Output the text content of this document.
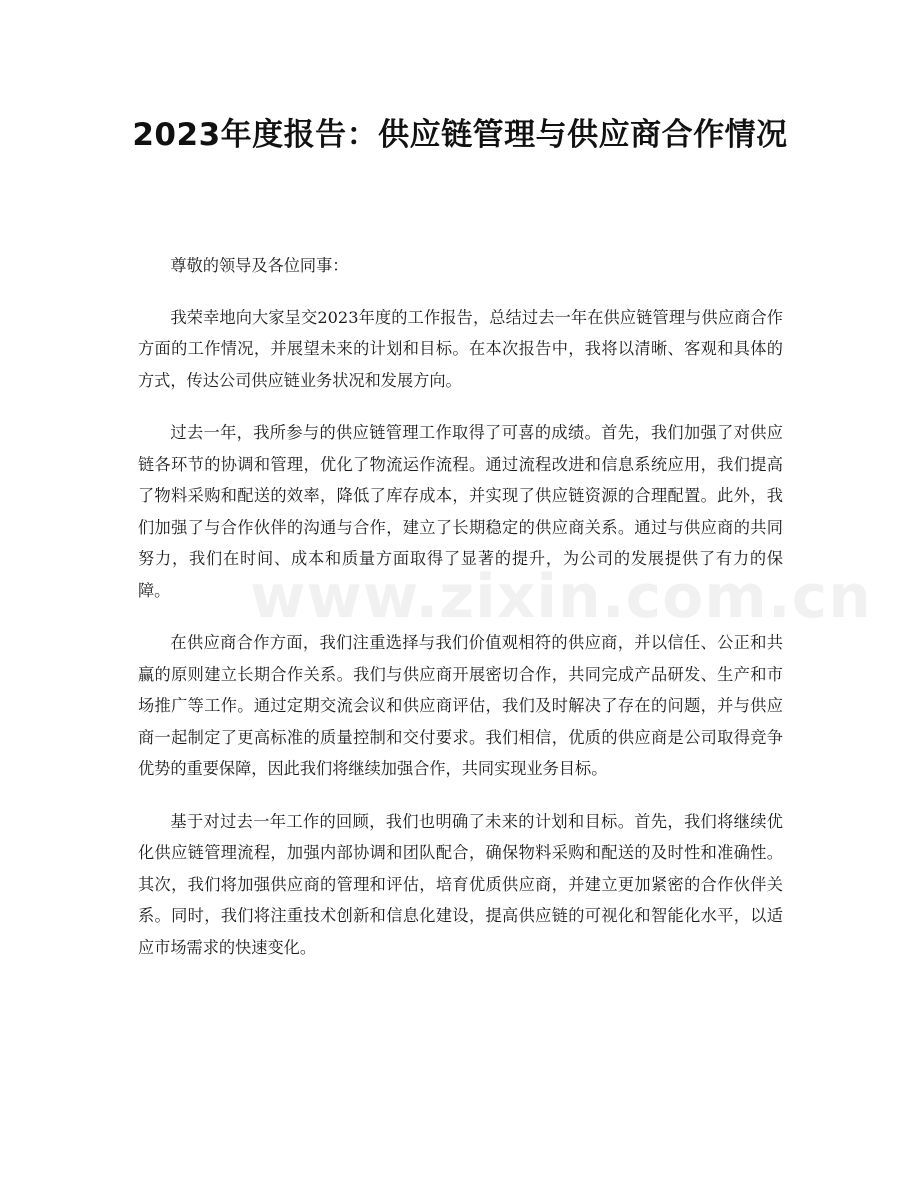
2023年度报告：供应链管理与供应商合作情况

尊敬的领导及各位同事：

我荣幸地向大家呈交2023年度的工作报告，总结过去一年在供应链管理与供应商合作方面的工作情况，并展望未来的计划和目标。在本次报告中，我将以清晰、客观和具体的方式，传达公司供应链业务状况和发展方向。

过去一年，我所参与的供应链管理工作取得了可喜的成绩。首先，我们加强了对供应链各环节的协调和管理，优化了物流运作流程。通过流程改进和信息系统应用，我们提高了物料采购和配送的效率，降低了库存成本，并实现了供应链资源的合理配置。此外，我们加强了与合作伙伴的沟通与合作，建立了长期稳定的供应商关系。通过与供应商的共同努力，我们在时间、成本和质量方面取得了显著的提升，为公司的发展提供了有力的保障。

在供应商合作方面，我们注重选择与我们价值观相符的供应商，并以信任、公正和共赢的原则建立长期合作关系。我们与供应商开展密切合作，共同完成产品研发、生产和市场推广等工作。通过定期交流会议和供应商评估，我们及时解决了存在的问题，并与供应商一起制定了更高标准的质量控制和交付要求。我们相信，优质的供应商是公司取得竞争优势的重要保障，因此我们将继续加强合作，共同实现业务目标。

基于对过去一年工作的回顾，我们也明确了未来的计划和目标。首先，我们将继续优化供应链管理流程，加强内部协调和团队配合，确保物料采购和配送的及时性和准确性。其次，我们将加强供应商的管理和评估，培育优质供应商，并建立更加紧密的合作伙伴关系。同时，我们将注重技术创新和信息化建设，提高供应链的可视化和智能化水平，以适应市场需求的快速变化。

www.zixin.com.cn
